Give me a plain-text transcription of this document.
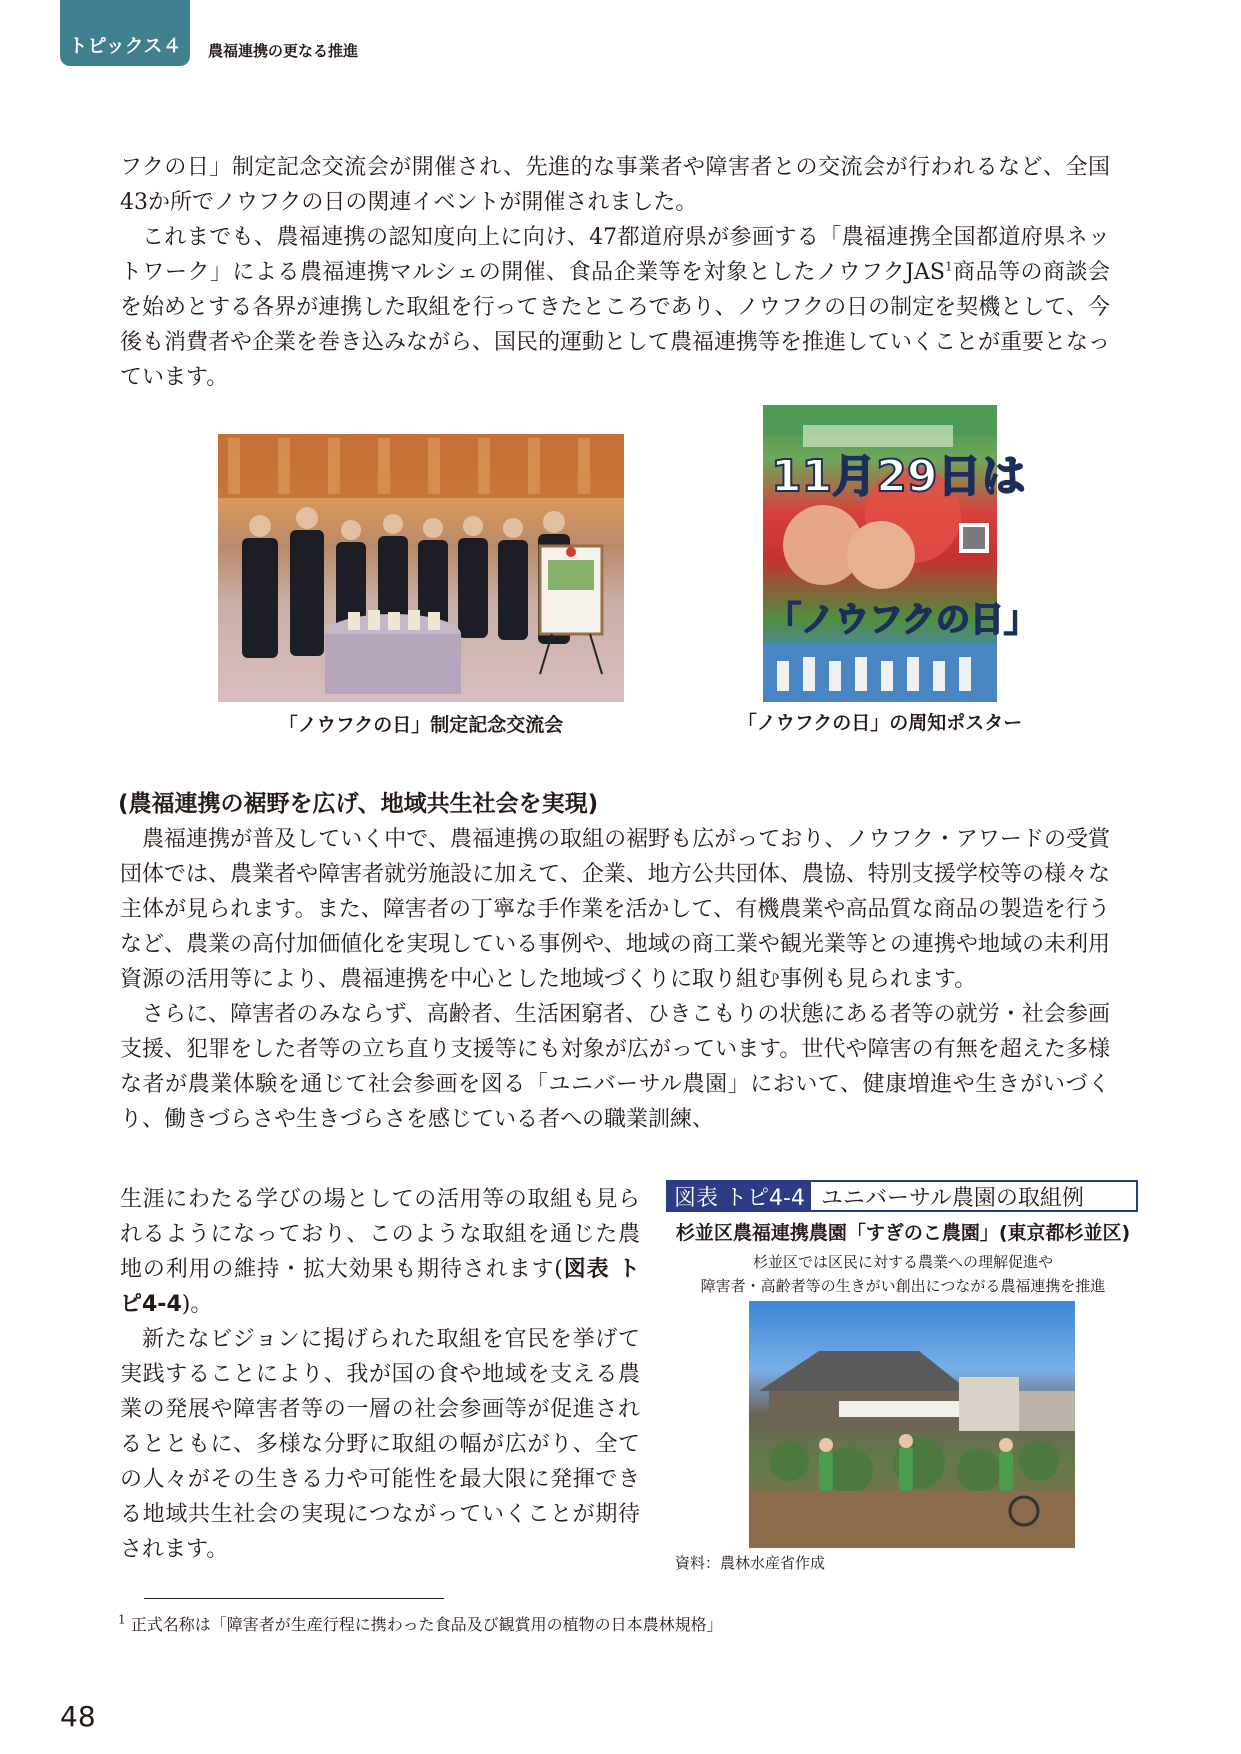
トピックス４ 農福連携の更なる推進

フクの日」制定記念交流会が開催され、先進的な事業者や障害者との交流会が行われるなど、全国43か所でノウフクの日の関連イベントが開催されました。

これまでも、農福連携の認知度向上に向け、47都道府県が参画する「農福連携全国都道府県ネットワーク」による農福連携マルシェの開催、食品企業等を対象としたノウフクJAS$^1$商品等の商談会を始めとする各界が連携した取組を行ってきたところであり、ノウフクの日の制定を契機として、今後も消費者や企業を巻き込みながら、国民的運動として農福連携等を推進していくことが重要となっています。

11月29日は
「ノウフクの日」
「ノウフクの日」制定記念交流会	「ノウフクの日」の周知ポスター
(農福連携の裾野を広げ、地域共生社会を実現)

農福連携が普及していく中で、農福連携の取組の裾野も広がっており、ノウフク・アワードの受賞団体では、農業者や障害者就労施設に加えて、企業、地方公共団体、農協、特別支援学校等の様々な主体が見られます。また、障害者の丁寧な手作業を活かして、有機農業や高品質な商品の製造を行うなど、農業の高付加価値化を実現している事例や、地域の商工業や観光業等との連携や地域の未利用資源の活用等により、農福連携を中心とした地域づくりに取り組む事例も見られます。

さらに、障害者のみならず、高齢者、生活困窮者、ひきこもりの状態にある者等の就労・社会参画支援、犯罪をした者等の立ち直り支援等にも対象が広がっています。世代や障害の有無を超えた多様な者が農業体験を通じて社会参画を図る「ユニバーサル農園」において、健康増進や生きがいづくり、働きづらさや生きづらさを感じている者への職業訓練、

生涯にわたる学びの場としての活用等の取組も見られるようになっており、このような取組を通じた農地の利用の維持・拡大効果も期待されます(図表 トピ4-4)。

新たなビジョンに掲げられた取組を官民を挙げて実践することにより、我が国の食や地域を支える農業の発展や障害者等の一層の社会参画等が促進されるとともに、多様な分野に取組の幅が広がり、全ての人々がその生きる力や可能性を最大限に発揮できる地域共生社会の実現につながっていくことが期待されます。

図表 トピ4-4 ユニバーサル農園の取組例
杉並区農福連携農園「すぎのこ農園」(東京都杉並区)
杉並区では区民に対する農業への理解促進や
障害者・高齢者等の生きがい創出につながる農福連携を推進
資料：農林水産省作成
$^1$ 正式名称は「障害者が生産行程に携わった食品及び観賞用の植物の日本農林規格」
48
